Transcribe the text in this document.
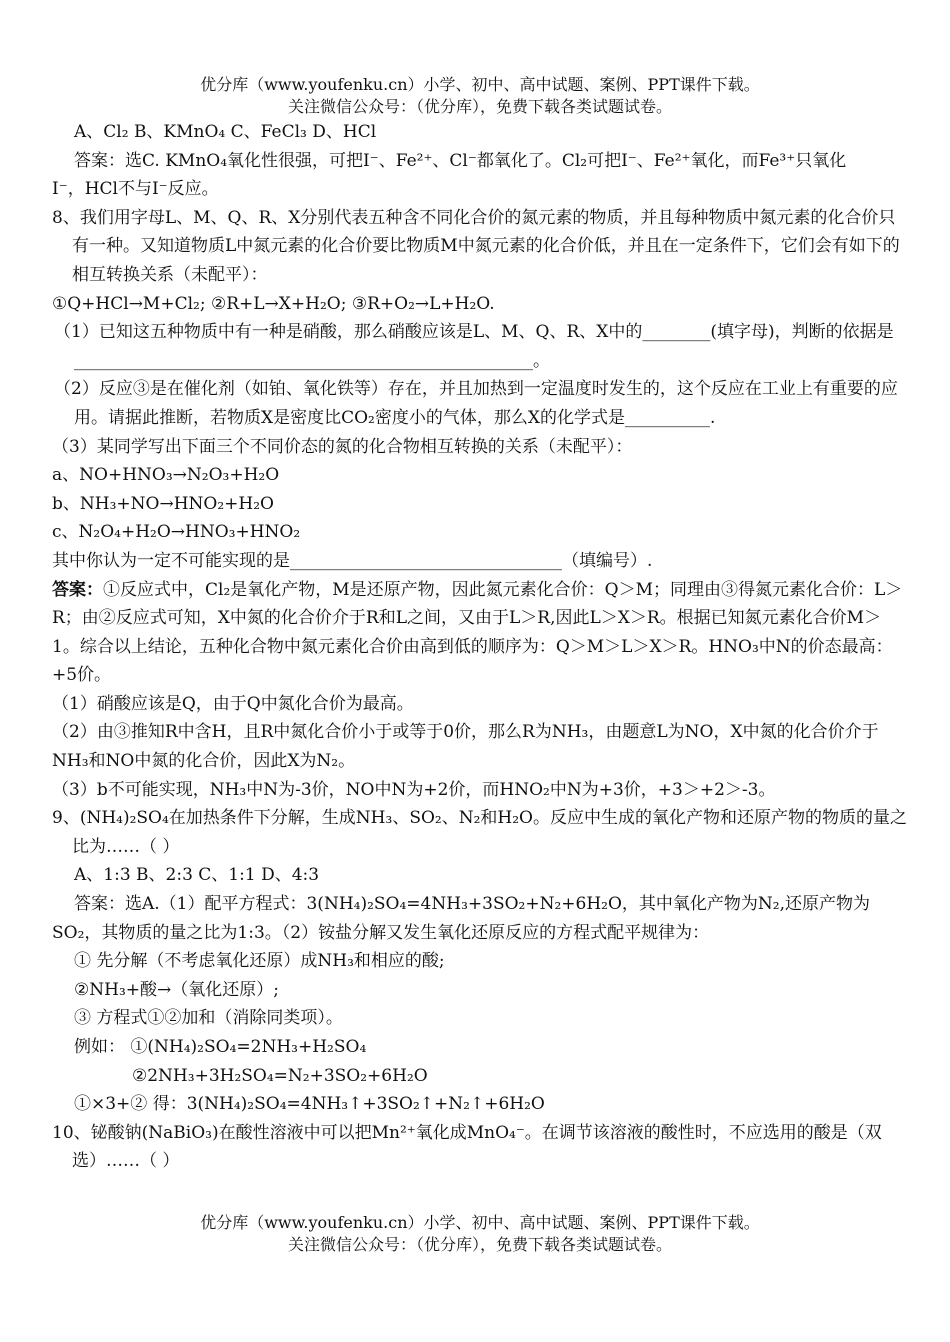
优分库（www.youfenku.cn）小学、初中、高中试题、案例、PPT课件下载。
关注微信公众号：（优分库），免费下载各类试题试卷。
A、Cl₂ B、KMnO₄ C、FeCl₃ D、HCl
答案：选C. KMnO₄氧化性很强，可把I⁻、Fe²⁺、Cl⁻都氧化了。Cl₂可把I⁻、Fe²⁺氧化，而Fe³⁺只氧化
I⁻，HCl不与I⁻反应。
8、我们用字母L、M、Q、R、X分别代表五种含不同化合价的氮元素的物质，并且每种物质中氮元素的化合价只有一种。又知道物质L中氮元素的化合价要比物质M中氮元素的化合价低，并且在一定条件下，它们会有如下的相互转换关系（未配平）：
①Q+HCl→M+Cl₂; ②R+L→X+H₂O; ③R+O₂→L+H₂O.
（1）已知这五种物质中有一种是硝酸，那么硝酸应该是L、M、Q、R、X中的________(填字母)，判断的依据是______________________________________________________。
（2）反应③是在催化剂（如铂、氧化铁等）存在，并且加热到一定温度时发生的，这个反应在工业上有重要的应用。请据此推断，若物质X是密度比CO₂密度小的气体，那么X的化学式是__________.
（3）某同学写出下面三个不同价态的氮的化合物相互转换的关系（未配平）：
a、NO+HNO₃→N₂O₃+H₂O
b、NH₃+NO→HNO₂+H₂O
c、N₂O₄+H₂O→HNO₃+HNO₂
其中你认为一定不可能实现的是________________________________（填编号）.
答案：①反应式中，Cl₂是氧化产物，M是还原产物，因此氮元素化合价：Q＞M；同理由③得氮元素化合价：L＞R；由②反应式可知，X中氮的化合价介于R和L之间，又由于L＞R,因此L＞X＞R。根据已知氮元素化合价M＞1。综合以上结论，五种化合物中氮元素化合价由高到低的顺序为：Q＞M＞L＞X＞R。HNO₃中N的价态最高：+5价。
（1）硝酸应该是Q，由于Q中氮化合价为最高。
（2）由③推知R中含H，且R中氮化合价小于或等于0价，那么R为NH₃，由题意L为NO，X中氮的化合价介于NH₃和NO中氮的化合价，因此X为N₂。
（3）b不可能实现，NH₃中N为-3价，NO中N为+2价，而HNO₂中N为+3价，+3＞+2＞-3。
9、(NH₄)₂SO₄在加热条件下分解，生成NH₃、SO₂、N₂和H₂O。反应中生成的氧化产物和还原产物的物质的量之比为……（ ）
A、1:3 B、2:3 C、1:1 D、4:3
答案：选A.（1）配平方程式：3(NH₄)₂SO₄=4NH₃+3SO₂+N₂+6H₂O，其中氧化产物为N₂,还原产物为SO₂，其物质的量之比为1:3。（2）铵盐分解又发生氧化还原反应的方程式配平规律为：
① 先分解（不考虑氧化还原）成NH₃和相应的酸;
②NH₃+酸→（氧化还原）;
③ 方程式①②加和（消除同类项）。
例如： ①(NH₄)₂SO₄=2NH₃+H₂SO₄
②2NH₃+3H₂SO₄=N₂+3SO₂+6H₂O
①×3+② 得：3(NH₄)₂SO₄=4NH₃↑+3SO₂↑+N₂↑+6H₂O
10、铋酸钠(NaBiO₃)在酸性溶液中可以把Mn²⁺氧化成MnO₄⁻。在调节该溶液的酸性时，不应选用的酸是（双选）……（ ）
优分库（www.youfenku.cn）小学、初中、高中试题、案例、PPT课件下载。
关注微信公众号：（优分库），免费下载各类试题试卷。
